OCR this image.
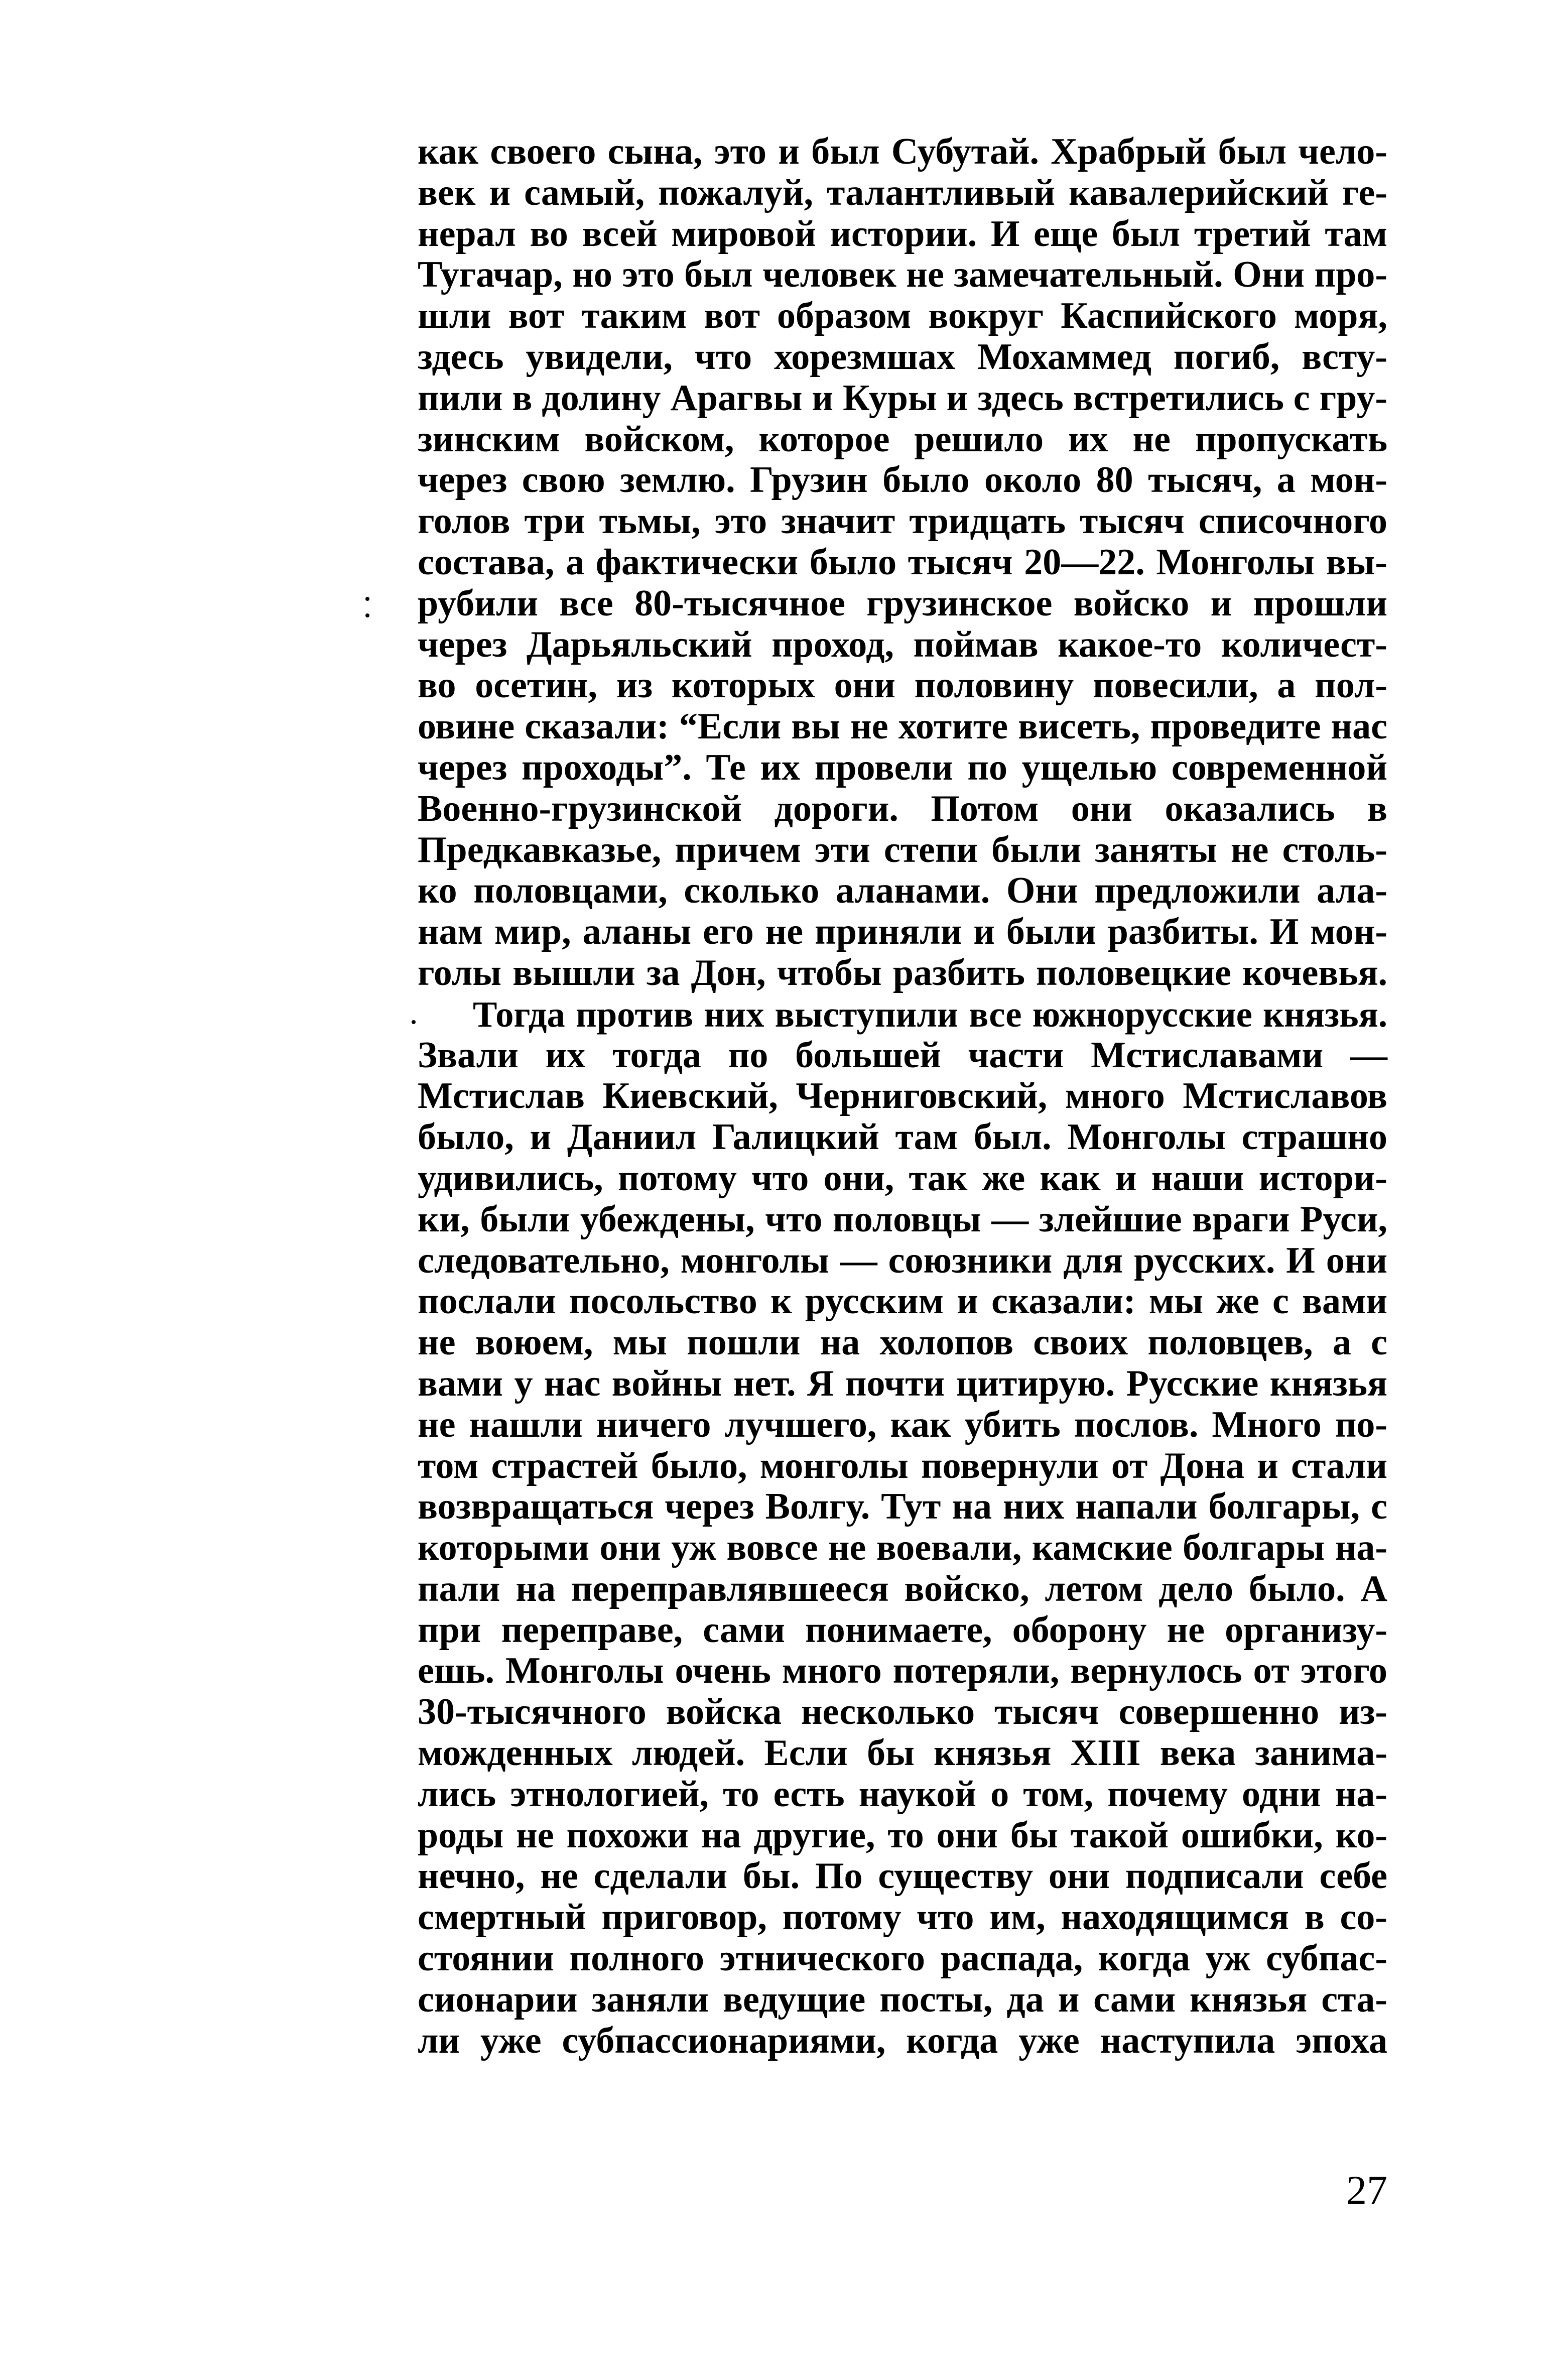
как своего сына, это и был Субутай. Храбрый был чело-
век и самый, пожалуй, талантливый кавалерийский ге-
нерал во всей мировой истории. И еще был третий там
Тугачар, но это был человек не замечательный. Они про-
шли вот таким вот образом вокруг Каспийского моря,
здесь увидели, что хорезмшах Мохаммед погиб, всту-
пили в долину Арагвы и Куры и здесь встретились с гру-
зинским войском, которое решило их не пропускать
через свою землю. Грузин было около 80 тысяч, а мон-
голов три тьмы, это значит тридцать тысяч списочного
состава, а фактически было тысяч 20—22. Монголы вы-
рубили все 80-тысячное грузинское войско и прошли
через Дарьяльский проход, поймав какое-то количест-
во осетин, из которых они половину повесили, а пол-
овине сказали: “Если вы не хотите висеть, проведите нас
через проходы”. Те их провели по ущелью современной
Военно-грузинской дороги. Потом они оказались в
Предкавказье, причем эти степи были заняты не столь-
ко половцами, сколько аланами. Они предложили ала-
нам мир, аланы его не приняли и были разбиты. И мон-
голы вышли за Дон, чтобы разбить половецкие кочевья.
Тогда против них выступили все южнорусские князья.
Звали их тогда по большей части Мстиславами —
Мстислав Киевский, Черниговский, много Мстиславов
было, и Даниил Галицкий там был. Монголы страшно
удивились, потому что они, так же как и наши истори-
ки, были убеждены, что половцы — злейшие враги Руси,
следовательно, монголы — союзники для русских. И они
послали посольство к русским и сказали: мы же с вами
не воюем, мы пошли на холопов своих половцев, а с
вами у нас войны нет. Я почти цитирую. Русские князья
не нашли ничего лучшего, как убить послов. Много по-
том страстей было, монголы повернули от Дона и стали
возвращаться через Волгу. Тут на них напали болгары, с
которыми они уж вовсе не воевали, камские болгары на-
пали на переправлявшееся войско, летом дело было. А
при переправе, сами понимаете, оборону не организу-
ешь. Монголы очень много потеряли, вернулось от этого
30-тысячного войска несколько тысяч совершенно из-
можденных людей. Если бы князья XIII века занима-
лись этнологией, то есть наукой о том, почему одни на-
роды не похожи на другие, то они бы такой ошибки, ко-
нечно, не сделали бы. По существу они подписали себе
смертный приговор, потому что им, находящимся в со-
стоянии полного этнического распада, когда уж субпас-
сионарии заняли ведущие посты, да и сами князья ста-
ли уже субпассионариями, когда уже наступила эпоха
27
